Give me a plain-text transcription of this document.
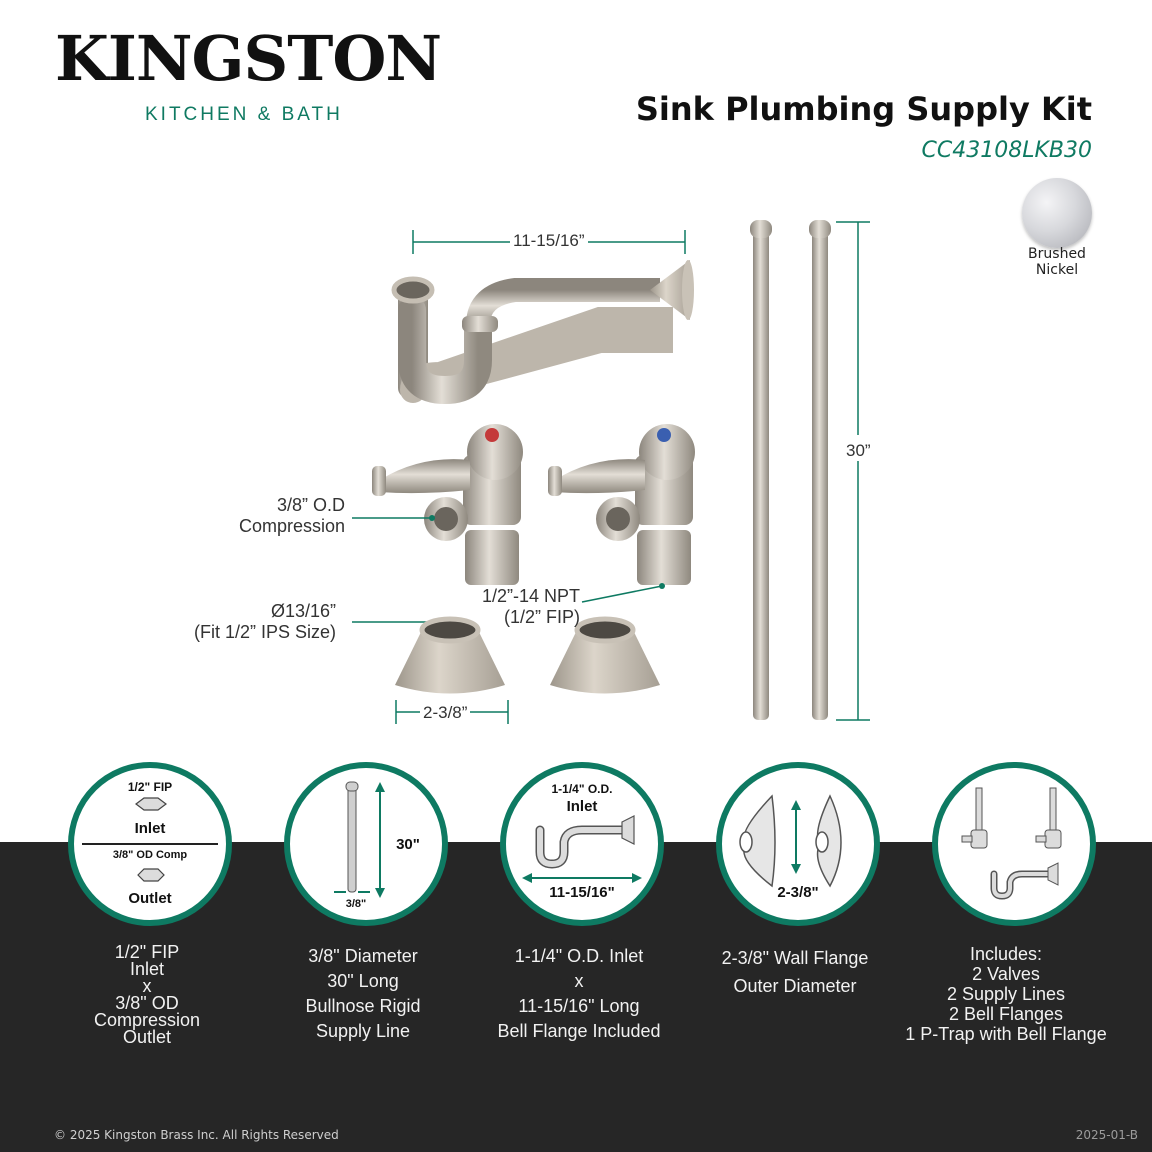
KINGSTON
KITCHEN & BATH	Sink Plumbing Supply Kit
CC43108LKB30
Brushed
Nickel
11-15/16”
30”
3/8” O.D
Compression
Ø13/16”
(Fit 1/2” IPS Size)
1/2”-14 NPT
(1/2” FIP)
2-3/8”
1/2" FIP
Inlet
3/8" OD Comp
Outlet
30"
3/8"
1-1/4" O.D.
Inlet
11-15/16"	2-3/8"
1/2" FIP
Inlet
x
3/8" OD
Compression
Outlet
3/8" Diameter
30" Long
Bullnose Rigid
Supply Line
1-1/4" O.D. Inlet
x
11-15/16" Long
Bell Flange Included
2-3/8" Wall Flange
Outer Diameter
Includes:
2 Valves
2 Supply Lines
2 Bell Flanges
1 P-Trap with Bell Flange
© 2025 Kingston Brass Inc. All Rights Reserved	2025-01-B
